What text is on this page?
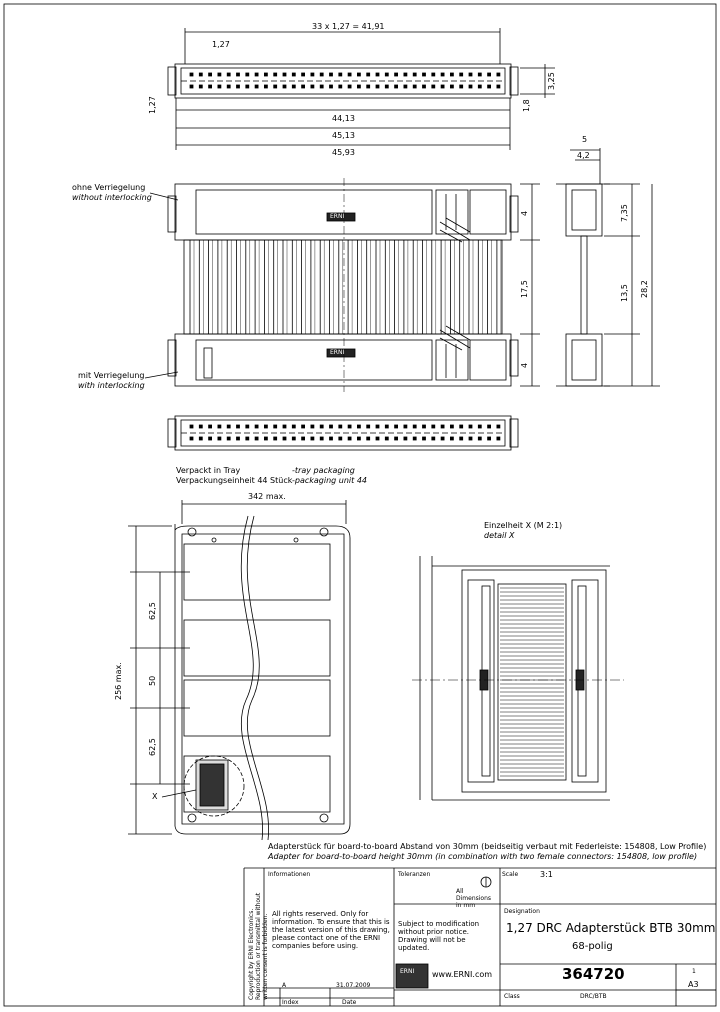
33 x 1,27 = 41,91
1,27
1,27
44,13
45,13
45,93
3,25
1,8
ohne Verriegelung
without interlocking
mit Verriegelung
with interlocking
4
17,5
4
ERNI
ERNI
5
4,2
7,35
13,5 28,2
Verpackt in Tray	-tray packaging
Verpackungseinheit 44 Stück -packaging unit 44
342 max.
256 max.
62,5
50
62,5
X
Einzelheit X (M 2:1)
detail X
Adapterstück für board-to-board Abstand von 30mm (beidseitig verbaut mit Federleiste: 154808, Low Profile)
Adapter for board-to-board height 30mm (in combination with two female connectors: 154808, low profile)
Copyright by ERNI Electronics. Reproduction or transmittal without written consent is forbidden.
Informationen
All rights reserved. Only for information. To ensure that this is the latest version of this drawing, please contact one of the ERNI companies before using.
A	31.07.2009
Index	Date
Toleranzen
All Dimensions in mm
Scale	3:1
Subject to modification without prior notice. Drawing will not be updated.
ERNI www.ERNI.com
Designation
1,27 DRC Adapterstück BTB 30mm
68-polig
364720
Class	DRC/BTB
1
A3
